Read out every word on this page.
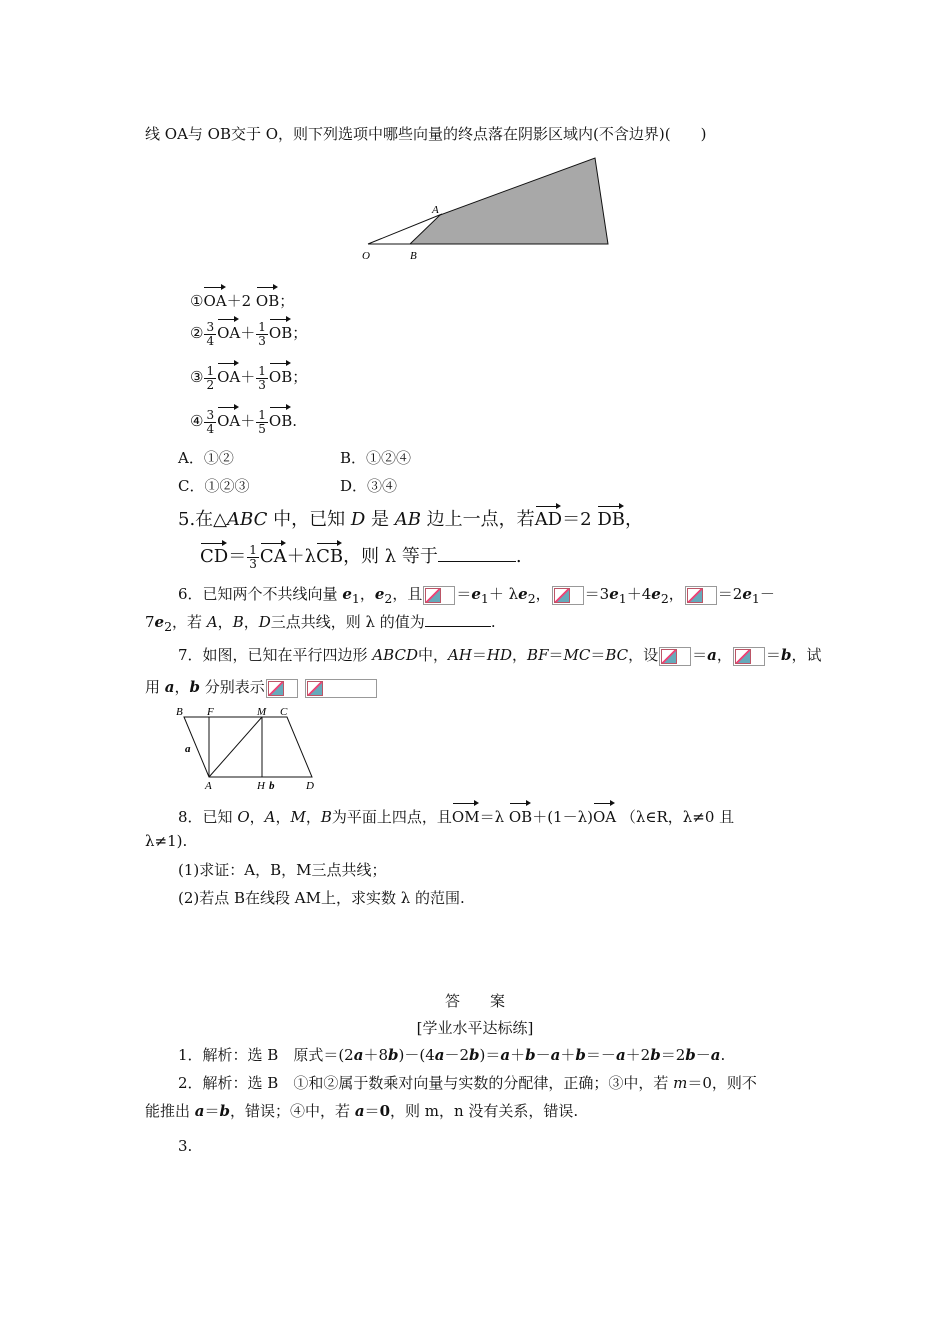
线 OA与 OB交于 O，则下列选项中哪些向量的终点落在阴影区域内(不含边界)(　　)
O	B
A
①OA＋2 OB；
② $\frac{3}{4} OA+ \frac{1}{3}$ OB；
③ $\frac{1}{2} OA+ \frac{1}{3}$ OB；
④ $\frac{3}{4} OA+ \frac{1}{5}$ OB.
A．①②	B．①②④
C．①②③	D．③④
5.在△ABC 中，已知 D 是 AB 边上一点，若AD＝2 DB，
$CD= \frac{1}{3} CA+\lambda CB$，则 λ 等于	.
6．已知两个不共线向量 $e_1$，$e_2$，且 $=e_1+ \lambda e_2$， $=3e_1+4e_2$， $=2e_1-$
$7e_2$，若 A，B，D三点共线，则 λ 的值为	.
7．如图，已知在平行四边形 ABCD中，AH＝HD，BF＝MC＝BC，设 ＝a， ＝b，试
用 a，b 分别表示

B F	M C
a
A	H b	D
8．已知 O，A，M，B为平面上四点，且OM＝λ OB＋(1－λ)OA （λ∈R，λ≠0 且
λ≠1).
(1)求证：A，B，M三点共线；
(2)若点 B在线段 AM上，求实数 λ 的范围.
答　　案
[学业水平达标练]
1．解析：选 B　原式＝(2a＋8b)－(4a－2b)＝a＋b－a＋b＝－a＋2b＝2b－a.
2．解析：选 B　①和②属于数乘对向量与实数的分配律，正确；③中，若 m＝0，则不
能推出 a＝b，错误；④中，若 a＝0，则 m，n 没有关系，错误.
3.
